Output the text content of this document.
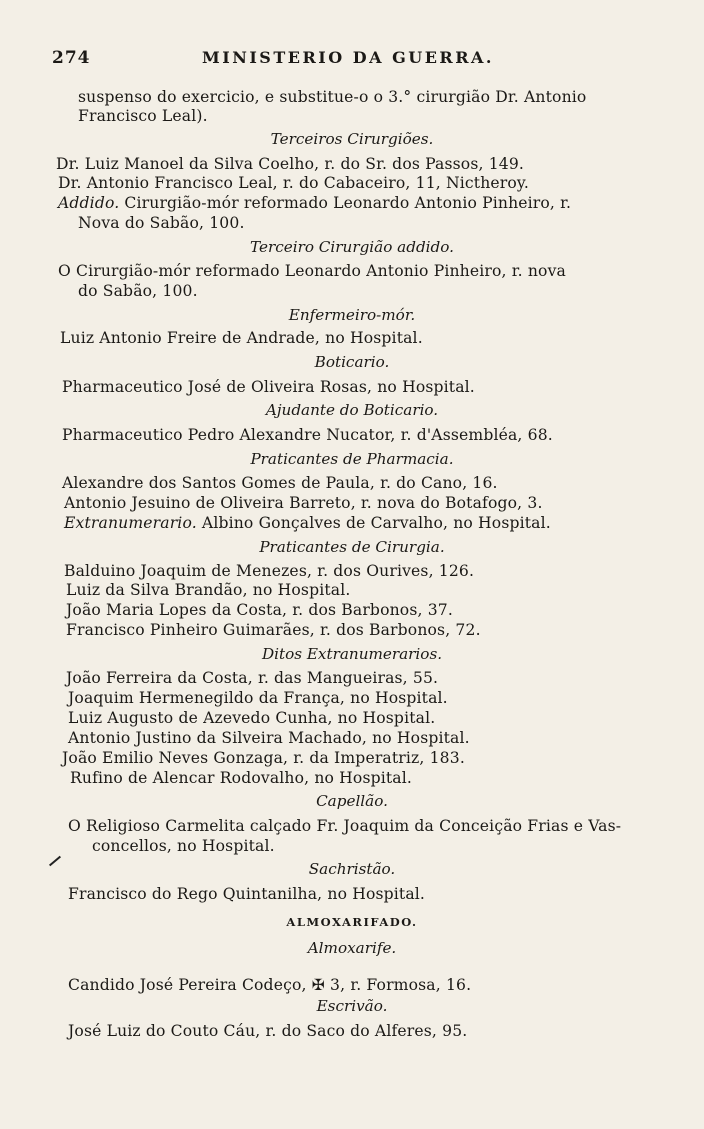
274	MINISTERIO DA GUERRA.
suspenso do exercicio, e substitue-o o 3.° cirurgião Dr. Antonio
Francisco Leal).
Terceiros Cirurgiões.
Dr. Luiz Manoel da Silva Coelho, r. do Sr. dos Passos, 149.
Dr. Antonio Francisco Leal, r. do Cabaceiro, 11, Nictheroy.
Addido. Cirurgião-mór reformado Leonardo Antonio Pinheiro, r.
Nova do Sabão, 100.
Terceiro Cirurgião addido.
O Cirurgião-mór reformado Leonardo Antonio Pinheiro, r. nova
do Sabão, 100.
Enfermeiro-mór.
Luiz Antonio Freire de Andrade, no Hospital.
Boticario.
Pharmaceutico José de Oliveira Rosas, no Hospital.
Ajudante do Boticario.
Pharmaceutico Pedro Alexandre Nucator, r. d'Assembléa, 68.
Praticantes de Pharmacia.
Alexandre dos Santos Gomes de Paula, r. do Cano, 16.
Antonio Jesuino de Oliveira Barreto, r. nova do Botafogo, 3.
Extranumerario. Albino Gonçalves de Carvalho, no Hospital.
Praticantes de Cirurgia.
Balduino Joaquim de Menezes, r. dos Ourives, 126.
Luiz da Silva Brandão, no Hospital.
João Maria Lopes da Costa, r. dos Barbonos, 37.
Francisco Pinheiro Guimarães, r. dos Barbonos, 72.
Ditos Extranumerarios.
João Ferreira da Costa, r. das Mangueiras, 55.
Joaquim Hermenegildo da França, no Hospital.
Luiz Augusto de Azevedo Cunha, no Hospital.
Antonio Justino da Silveira Machado, no Hospital.
João Emilio Neves Gonzaga, r. da Imperatriz, 183.
Rufino de Alencar Rodovalho, no Hospital.
Capellão.
O Religioso Carmelita calçado Fr. Joaquim da Conceição Frias e Vas-
concellos, no Hospital.
Sachristão.
Francisco do Rego Quintanilha, no Hospital.
ALMOXARIFADO.
Almoxarife.
Candido José Pereira Codeço, ✠ 3, r. Formosa, 16.
Escrivão.
José Luiz do Couto Cáu, r. do Saco do Alferes, 95.
